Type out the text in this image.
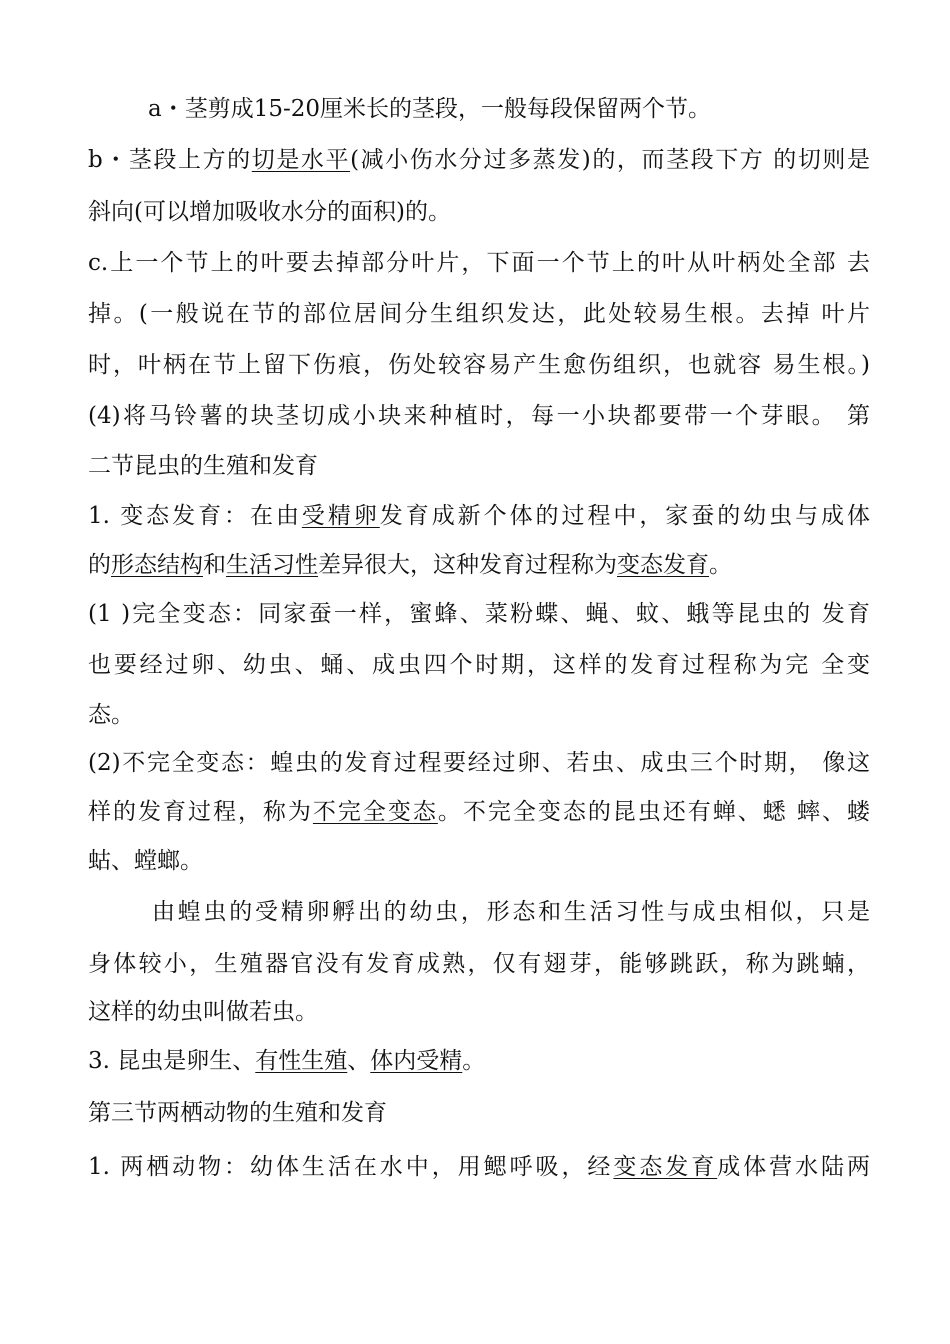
a・茎剪成15-20厘米长的茎段，一般每段保留两个节。
b・茎段上方的切是水平(减小伤水分过多蒸发)的，而茎段下方 的切则是
斜向(可以增加吸收水分的面积)的。
c.上一个节上的叶要去掉部分叶片，下面一个节上的叶从叶柄处全部 去
掉。(一般说在节的部位居间分生组织发达，此处较易生根。去掉 叶片
时，叶柄在节上留下伤痕，伤处较容易产生愈伤组织，也就容 易生根。)
(4)将马铃薯的块茎切成小块来种植时，每一小块都要带一个芽眼。 第
二节昆虫的生殖和发育
1. 变态发育：在由受精卵发育成新个体的过程中，家蚕的幼虫与成体
的形态结构和生活习性差异很大，这种发育过程称为变态发育。
(1 )完全变态：同家蚕一样，蜜蜂、菜粉蝶、蝇、蚊、蛾等昆虫的 发育
也要经过卵、幼虫、蛹、成虫四个时期，这样的发育过程称为完 全变
态。
(2)不完全变态：蝗虫的发育过程要经过卵、若虫、成虫三个时期， 像这
样的发育过程，称为不完全变态。不完全变态的昆虫还有蝉、蟋 蟀、蝼
蛄、螳螂。
由蝗虫的受精卵孵出的幼虫，形态和生活习性与成虫相似，只是
身体较小，生殖器官没有发育成熟，仅有翅芽，能够跳跃，称为跳蝻，
这样的幼虫叫做若虫。
3. 昆虫是卵生、有性生殖、体内受精。
第三节两栖动物的生殖和发育
1. 两栖动物：幼体生活在水中，用鳃呼吸，经变态发育成体营水陆两
